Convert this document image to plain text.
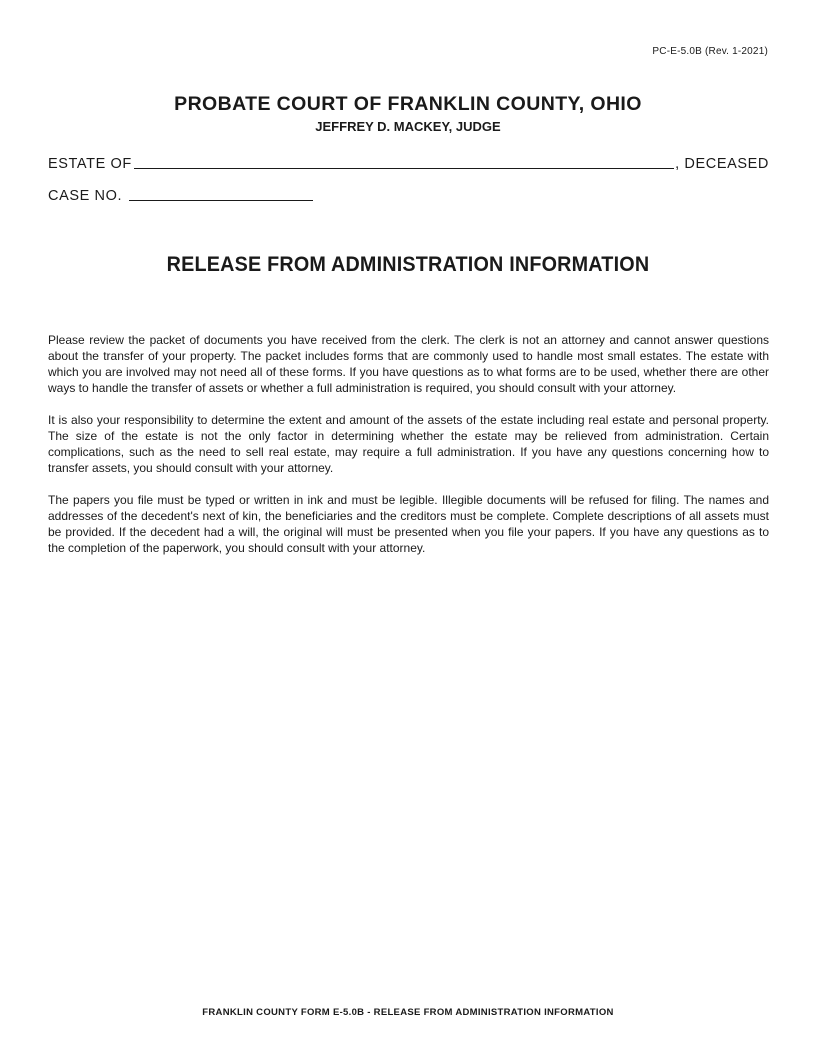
PC-E-5.0B (Rev. 1-2021)
PROBATE COURT OF FRANKLIN COUNTY, OHIO
JEFFREY D. MACKEY, JUDGE
ESTATE OF	, DECEASED
CASE NO.
RELEASE FROM ADMINISTRATION INFORMATION

Please review the packet of documents you have received from the clerk. The clerk is not an attorney and cannot answer questions about the transfer of your property. The packet includes forms that are commonly used to handle most small estates. The estate with which you are involved may not need all of these forms. If you have questions as to what forms are to be used, whether there are other ways to handle the transfer of assets or whether a full administration is required, you should consult with your attorney.

It is also your responsibility to determine the extent and amount of the assets of the estate including real estate and personal property. The size of the estate is not the only factor in determining whether the estate may be relieved from administration. Certain complications, such as the need to sell real estate, may require a full administration. If you have any questions concerning how to transfer assets, you should consult with your attorney.

The papers you file must be typed or written in ink and must be legible. Illegible documents will be refused for filing. The names and addresses of the decedent's next of kin, the beneficiaries and the creditors must be complete. Complete descriptions of all assets must be provided. If the decedent had a will, the original will must be presented when you file your papers. If you have any questions as to the completion of the paperwork, you should consult with your attorney.

FRANKLIN COUNTY FORM E-5.0B - RELEASE FROM ADMINISTRATION INFORMATION
